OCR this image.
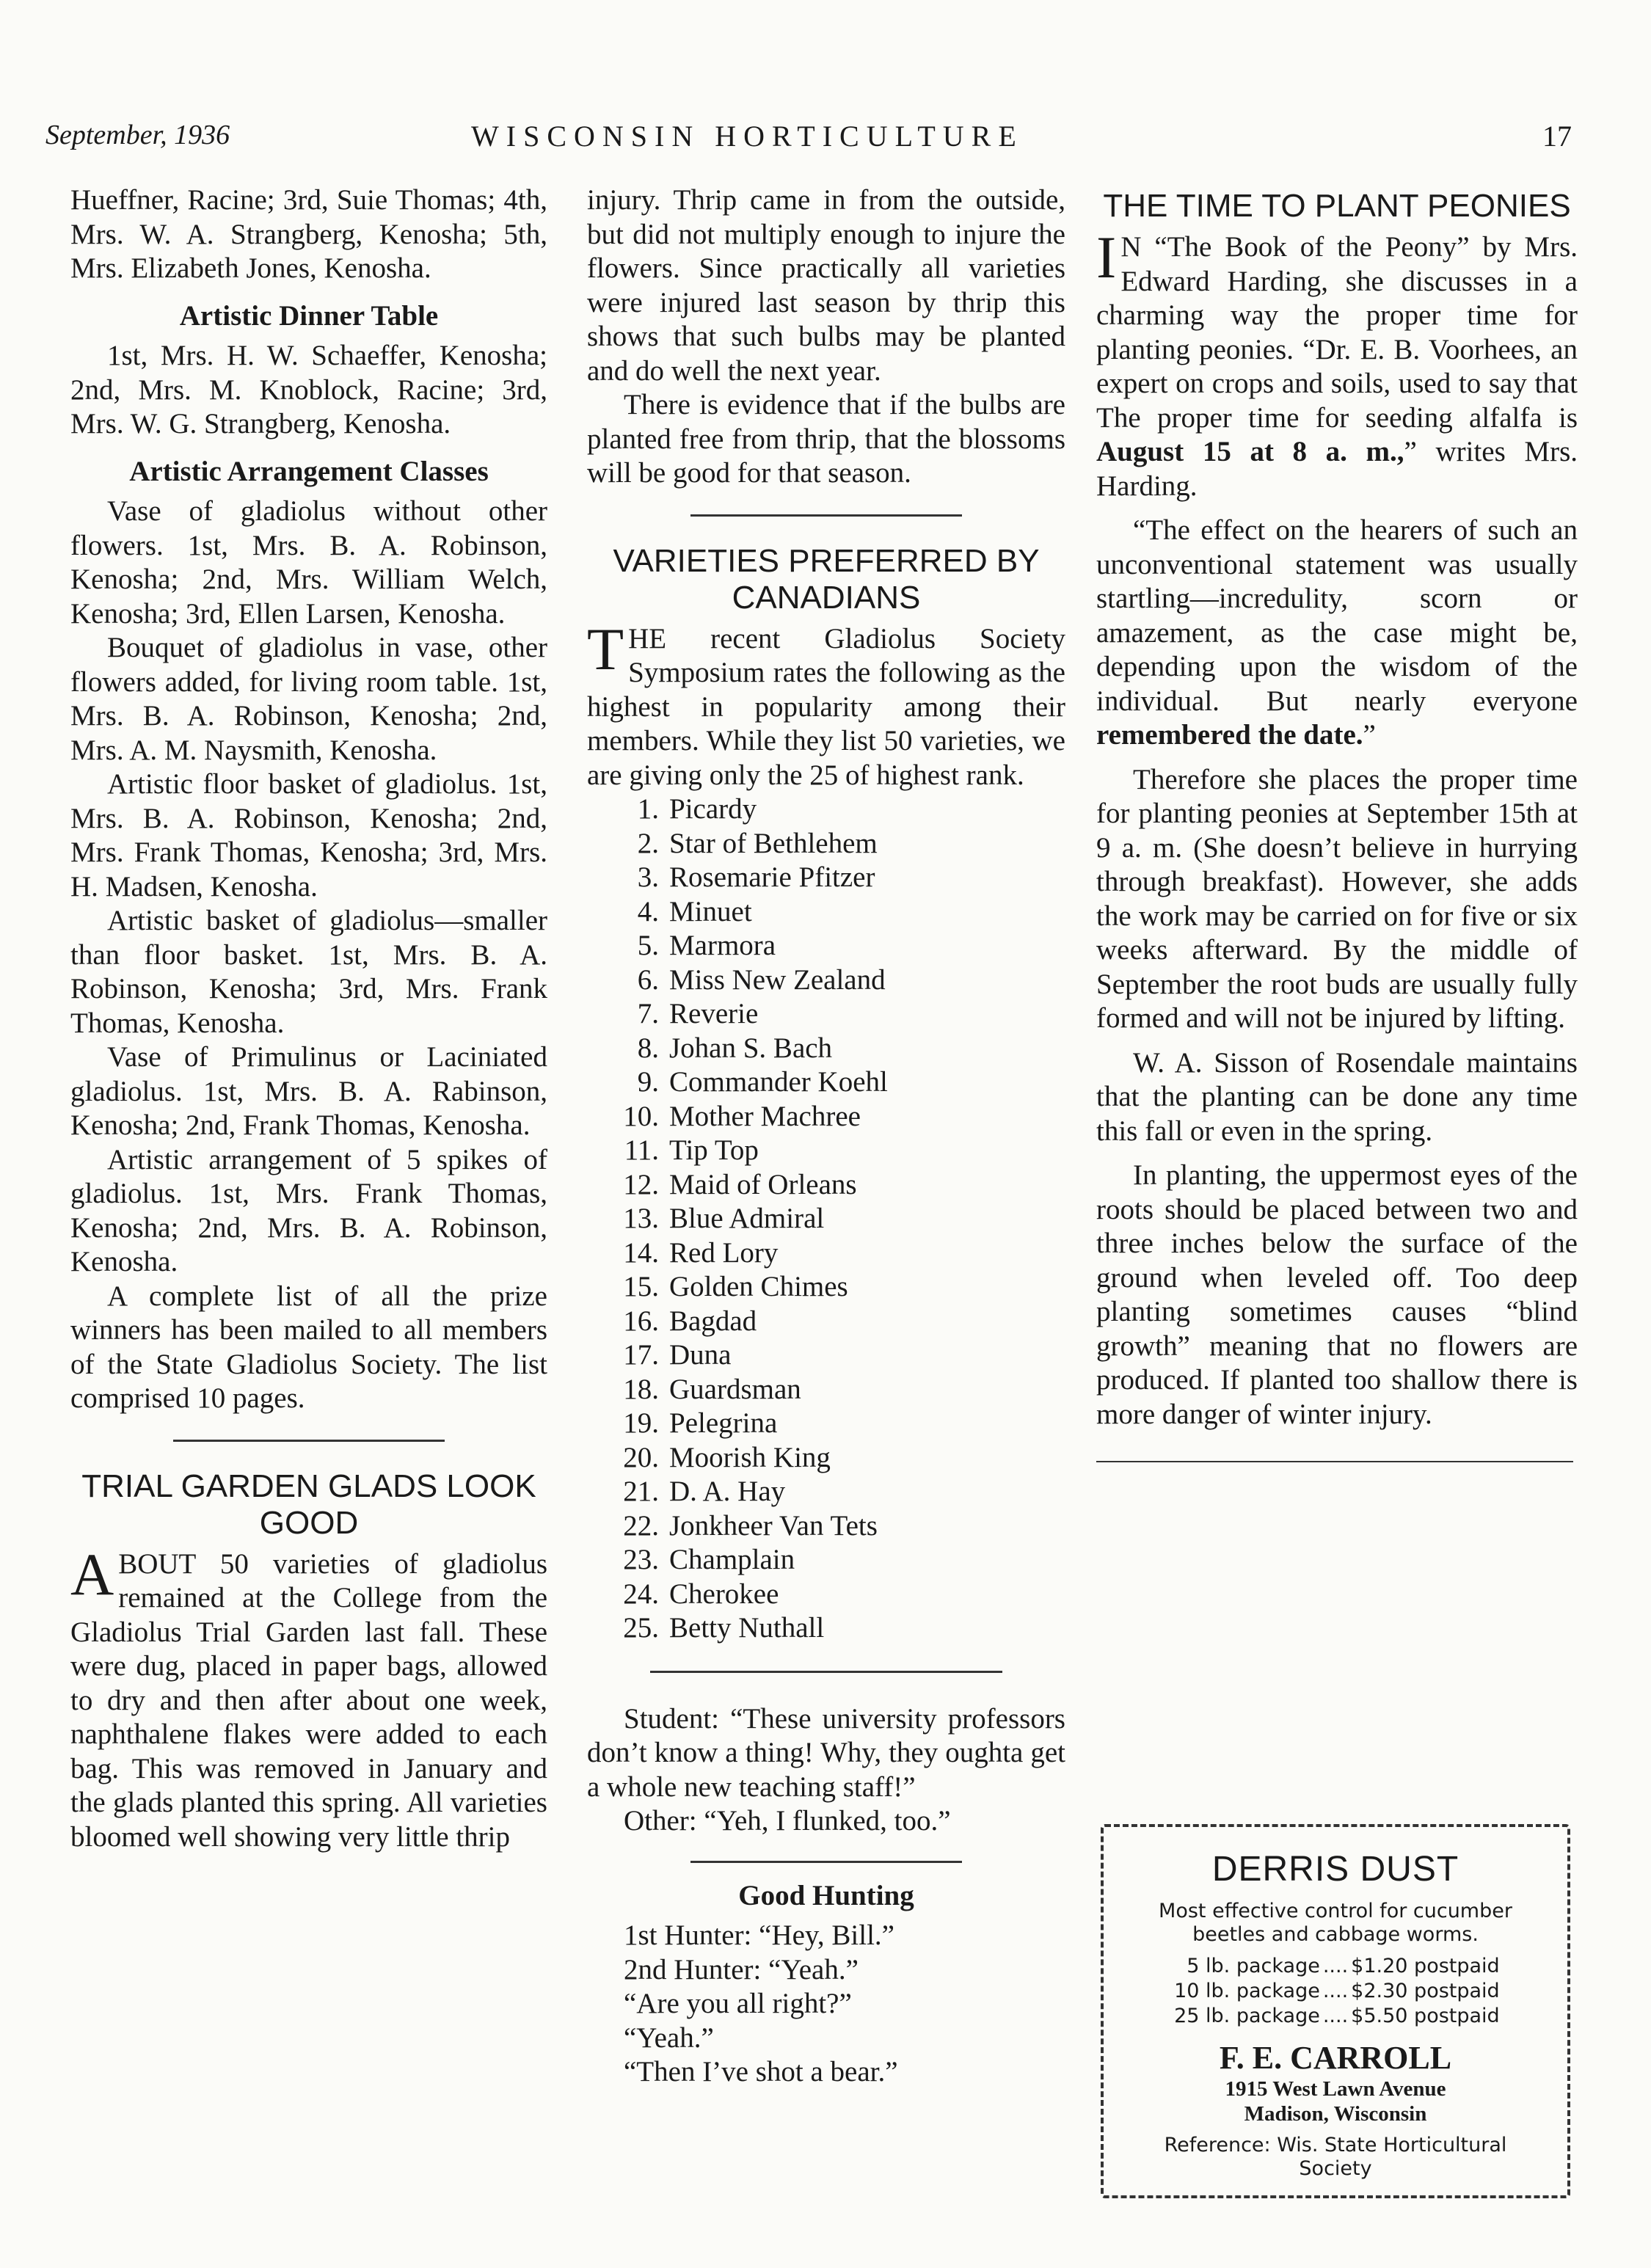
September, 1936	WISCONSIN HORTICULTURE	17

Hueffner, Racine; 3rd, Suie Thomas; 4th, Mrs. W. A. Strangberg, Kenosha; 5th, Mrs. Elizabeth Jones, Kenosha.

Artistic Dinner Table

1st, Mrs. H. W. Schaeffer, Kenosha; 2nd, Mrs. M. Knoblock, Racine; 3rd, Mrs. W. G. Strangberg, Kenosha.

Artistic Arrangement Classes

Vase of gladiolus without other flowers. 1st, Mrs. B. A. Robinson, Kenosha; 2nd, Mrs. William Welch, Kenosha; 3rd, Ellen Larsen, Kenosha.

Bouquet of gladiolus in vase, other flowers added, for living room table. 1st, Mrs. B. A. Robinson, Kenosha; 2nd, Mrs. A. M. Naysmith, Kenosha.

Artistic floor basket of gladiolus. 1st, Mrs. B. A. Robinson, Kenosha; 2nd, Mrs. Frank Thomas, Kenosha; 3rd, Mrs. H. Madsen, Kenosha.

Artistic basket of gladiolus—smaller than floor basket. 1st, Mrs. B. A. Robinson, Kenosha; 3rd, Mrs. Frank Thomas, Kenosha.

Vase of Primulinus or Laciniated gladiolus. 1st, Mrs. B. A. Rabinson, Kenosha; 2nd, Frank Thomas, Kenosha.

Artistic arrangement of 5 spikes of gladiolus. 1st, Mrs. Frank Thomas, Kenosha; 2nd, Mrs. B. A. Robinson, Kenosha.

A complete list of all the prize winners has been mailed to all members of the State Gladiolus Society. The list comprised 10 pages.

TRIAL GARDEN GLADS LOOK GOOD

ABOUT 50 varieties of gladiolus remained at the College from the Gladiolus Trial Garden last fall. These were dug, placed in paper bags, allowed to dry and then after about one week, naphthalene flakes were added to each bag. This was removed in January and the glads planted this spring. All varieties bloomed well showing very little thrip

injury. Thrip came in from the outside, but did not multiply enough to injure the flowers. Since practically all varieties were injured last season by thrip this shows that such bulbs may be planted and do well the next year.

There is evidence that if the bulbs are planted free from thrip, that the blossoms will be good for that season.

VARIETIES PREFERRED BY CANADIANS

THE recent Gladiolus Society Symposium rates the following as the highest in popularity among their members. While they list 50 varieties, we are giving only the 25 of highest rank.

1. Picardy
2. Star of Bethlehem
3. Rosemarie Pfitzer
4. Minuet
5. Marmora
6. Miss New Zealand
7. Reverie
8. Johan S. Bach
9. Commander Koehl
10. Mother Machree
11. Tip Top
12. Maid of Orleans
13. Blue Admiral
14. Red Lory
15. Golden Chimes
16. Bagdad
17. Duna
18. Guardsman
19. Pelegrina
20. Moorish King
21. D. A. Hay
22. Jonkheer Van Tets
23. Champlain
24. Cherokee
25. Betty Nuthall

Student: “These university professors don’t know a thing! Why, they oughta get a whole new teaching staff!”

Other: “Yeh, I flunked, too.”

Good Hunting
1st Hunter: “Hey, Bill.”
2nd Hunter: “Yeah.”
“Are you all right?”
“Yeah.”
“Then I’ve shot a bear.”
THE TIME TO PLANT PEONIES

I N “The Book of the Peony” by Mrs. Edward Harding, she discusses in a charming way the proper time for planting peonies. “Dr. E. B. Voorhees, an expert on crops and soils, used to say that The proper time for seeding alfalfa is August 15 at 8 a. m.,” writes Mrs. Harding.

“The effect on the hearers of such an unconventional statement was usually startling—incredulity, scorn or amazement, as the case might be, depending upon the wisdom of the individual. But nearly everyone remembered the date.”

Therefore she places the proper time for planting peonies at September 15th at 9 a. m. (She doesn’t believe in hurrying through breakfast). However, she adds the work may be carried on for five or six weeks afterward. By the middle of September the root buds are usually fully formed and will not be injured by lifting.

W. A. Sisson of Rosendale maintains that the planting can be done any time this fall or even in the spring.

In planting, the uppermost eyes of the roots should be placed between two and three inches below the surface of the ground when leveled off. Too deep planting sometimes causes “blind growth” meaning that no flowers are produced. If planted too shallow there is more danger of winter injury.

DERRIS DUST
Most effective control for cucumber beetles and cabbage worms.
5 lb. package .... $1.20 postpaid
10 lb. package .... $2.30 postpaid
25 lb. package .... $5.50 postpaid
F. E. CARROLL
1915 West Lawn Avenue
Madison, Wisconsin
Reference: Wis. State Horticultural Society
